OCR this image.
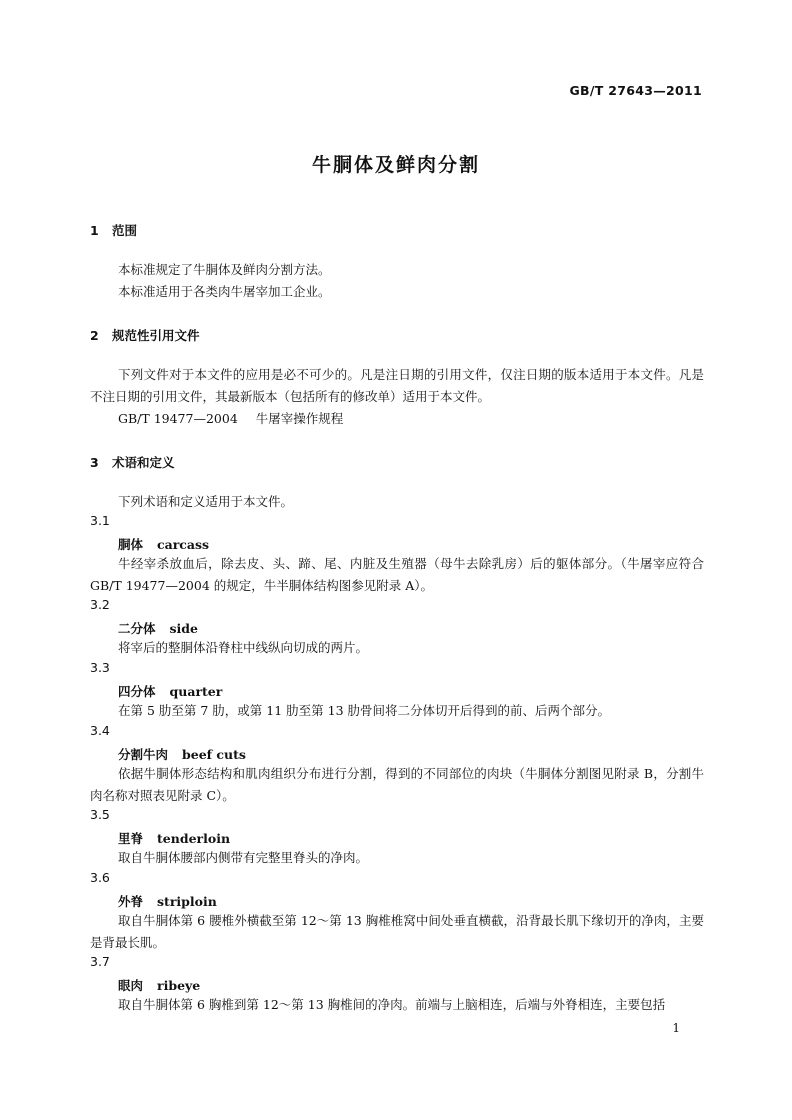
GB/T 27643—2011
牛胴体及鲜肉分割
1 范围
本标准规定了牛胴体及鲜肉分割方法。
本标准适用于各类肉牛屠宰加工企业。
2 规范性引用文件
下列文件对于本文件的应用是必不可少的。凡是注日期的引用文件，仅注日期的版本适用于本文件。凡是不注日期的引用文件，其最新版本（包括所有的修改单）适用于本文件。
GB/T 19477—2004 牛屠宰操作规程
3 术语和定义
下列术语和定义适用于本文件。
3.1
胴体 carcass
牛经宰杀放血后，除去皮、头、蹄、尾、内脏及生殖器（母牛去除乳房）后的躯体部分。（牛屠宰应符合GB/T 19477—2004 的规定，牛半胴体结构图参见附录 A）。
3.2
二分体 side
将宰后的整胴体沿脊柱中线纵向切成的两片。
3.3
四分体 quarter
在第 5 肋至第 7 肋，或第 11 肋至第 13 肋骨间将二分体切开后得到的前、后两个部分。
3.4
分割牛肉 beef cuts
依据牛胴体形态结构和肌肉组织分布进行分割，得到的不同部位的肉块（牛胴体分割图见附录 B，分割牛肉名称对照表见附录 C）。
3.5
里脊 tenderloin
取自牛胴体腰部内侧带有完整里脊头的净肉。
3.6
外脊 striploin
取自牛胴体第 6 腰椎外横截至第 12～第 13 胸椎椎窝中间处垂直横截，沿背最长肌下缘切开的净肉，主要是背最长肌。
3.7
眼肉 ribeye
取自牛胴体第 6 胸椎到第 12～第 13 胸椎间的净肉。前端与上脑相连，后端与外脊相连，主要包括
1
